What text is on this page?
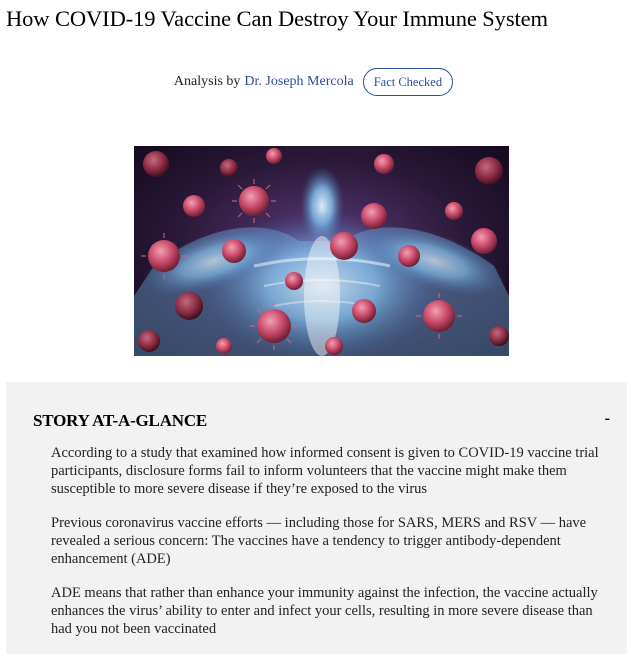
How COVID-19 Vaccine Can Destroy Your Immune System
Analysis by Dr. Joseph Mercola	Fact Checked
STORY AT-A-GLANCE	-
According to a study that examined how informed consent is given to COVID-19 vaccine trial participants, disclosure forms fail to inform volunteers that the vaccine might make them susceptible to more severe disease if they’re exposed to the virus
Previous coronavirus vaccine efforts — including those for SARS, MERS and RSV — have revealed a serious concern: The vaccines have a tendency to trigger antibody-dependent enhancement (ADE)
ADE means that rather than enhance your immunity against the infection, the vaccine actually enhances the virus’ ability to enter and infect your cells, resulting in more severe disease than had you not been vaccinated
